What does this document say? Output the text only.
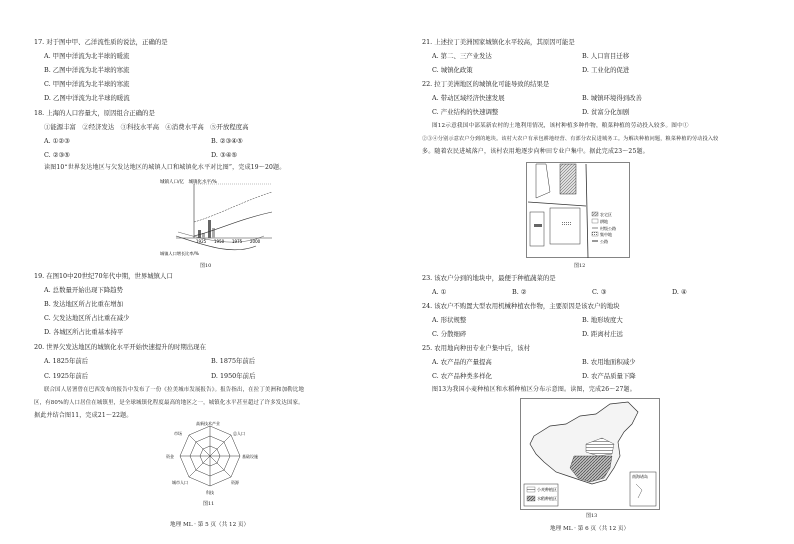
17. 对于图中甲、乙洋流性质的说法，正确的是
A. 甲图中洋流为北半球的暖流
B. 乙图中洋流为北半球的寒流
C. 甲图中洋流为北半球的寒流
D. 乙图中洋流为北半球的暖流
18. 上海的人口容量大，原因组合正确的是
①能源丰富　②经济发达　③科技水平高　④消费水平高　⑤开放程度高
A. ①②③	B. ②③④⑤
C. ②③⑤	D. ③④⑤
读图10“世界发达地区与欠发达地区的城镇人口和城镇化水平对比图”，完成19～20题。
城镇人口/亿　城镇化水平/%
1925 1950 1975 2000
城镇人口增长比率/%
图10
19. 在图10中20世纪70年代中期，世界城镇人口
A. 总数量开始出现下降趋势
B. 发达地区所占比重在增加
C. 欠发达地区所占比重在减少
D. 各城区所占比重基本持平
20. 世界欠发达地区的城镇化水平开始快速提升的时期出现在
A. 1825年前后	B. 1875年前后
C. 1925年前后	D. 1950年前后
联合国人居署曾在巴西发布的报告中发布了一份《拉美城市发展报告》。报告指出，在拉丁美洲和加勒比地
区，有80%的人口居住在城镇里，是全球城镇化程度最高的地区之一，城镇化水平甚至超过了许多发达国家。
据此并结合图11，完成21～22题。
高新技术产业
总人口
基础设施
资源
科技
城市人口
资金
市场
图11
地理 ML · 第 5 页（共 12 页）
21. 上述拉丁美洲国家城镇化水平较高，其原因可能是
A. 第二、三产业发达	B. 人口盲目迁移
C. 城镇化政策	D. 工业化的促进
22. 拉丁美洲地区的城镇化可能导致的结果是
A. 带动区域经济快速发展	B. 城镇环境得到改善
C. 产业结构的快速调整	D. 贫富分化加剧
图12示意我国中部某新农村的土地利用情况，该村种植多种作物，粮菜种植的劳动投入较多。图中①
②③④分别示意农户分到的地块。该村大农户有承包耕地经营、有部分农民进城务工。为解决种植问题，粮菜种植的劳动投入较
多。随着农民进城落户，该村农用地逐步向种田专业户集中。据此完成23～25题。
农宅区
耕地
村级公路
集中地
公路
图12
23. 该农户分到的地块中，最便于种植蔬菜的是
A. ①	B. ②	C. ③	D. ④
24. 该农户不购置大型农用机械种植农作物，主要原因是该农户的地块
A. 形状规整	B. 地形坡度大
C. 分散细碎	D. 距离村庄远
25. 农用地向种田专业户集中后，该村
A. 农产品的产量提高	B. 农用地面积减少
C. 农产品种类多样化	D. 农产品质量下降
图13为我国小麦种植区和水稻种植区分布示意图。读图，完成26～27题。
南海诸岛
小麦种植区
水稻种植区
图13
地理 ML · 第 6 页（共 12 页）
